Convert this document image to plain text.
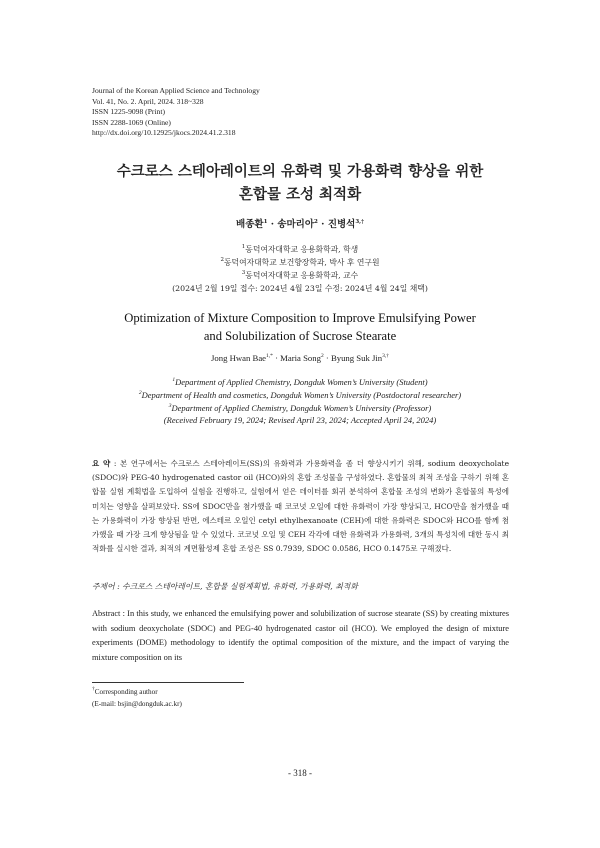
Journal of the Korean Applied Science and Technology
Vol. 41, No. 2. April, 2024. 318~328
ISSN 1225-9098 (Print)
ISSN 2288-1069 (Online)
http://dx.doi.org/10.12925/jkocs.2024.41.2.318
수크로스 스테아레이트의 유화력 및 가용화력 향상을 위한
혼합물 조성 최적화
배종환$^1$ · 송마리아$^2$ · 진병석$^{3,\dagger}$
$^1$동덕여자대학교 응용화학과, 학생
$^2$동덕여자대학교 보건향장학과, 박사 후 연구원
$^3$동덕여자대학교 응용화학과, 교수
(2024년 2월 19일 접수: 2024년 4월 23일 수정: 2024년 4월 24일 채택)
Optimization of Mixture Composition to Improve Emulsifying Power
and Solubilization of Sucrose Stearate
Jong Hwan Bae$^{1,*}$ · Maria Song$^2$ · Byung Suk Jin$^{3,\dagger}$
$^1$Department of Applied Chemistry, Dongduk Women’s University (Student)
$^2$Department of Health and cosmetics, Dongduk Women’s University (Postdoctoral researcher)
$^3$Department of Applied Chemistry, Dongduk Women’s University (Professor)
(Received February 19, 2024; Revised April 23, 2024; Accepted April 24, 2024)
요 약 : 본 연구에서는 수크로스 스테아레이트(SS)의 유화력과 가용화력을 좀 더 향상시키기 위해, sodium deoxycholate (SDOC)와 PEG-40 hydrogenated castor oil (HCO)와의 혼합 조성물을 구성하였다. 혼합물의 최적 조성을 구하기 위해 혼합물 실험 계획법을 도입하여 실험을 진행하고, 실험에서 얻은 데이터를 회귀 분석하여 혼합물 조성의 변화가 혼합물의 특성에 미치는 영향을 살펴보았다. SS에 SDOC만을 첨가했을 때 코코넛 오일에 대한 유화력이 가장 향상되고, HCO만을 첨가했을 때는 가용화력이 가장 향상된 반면, 에스테르 오일인 cetyl ethylhexanoate (CEH)에 대한 유화력은 SDOC와 HCO를 함께 첨가했을 때 가장 크게 향상됨을 알 수 있었다. 코코넛 오일 및 CEH 각각에 대한 유화력과 가용화력, 3개의 특성치에 대한 동시 최적화를 실시한 결과, 최적의 계면활성제 혼합 조성은 SS 0.7939, SDOC 0.0586, HCO 0.1475로 구해졌다.
주제어 : 수크로스 스테아레이트, 혼합물 실험계획법, 유화력, 가용화력, 최적화
Abstract : In this study, we enhanced the emulsifying power and solubilization of sucrose stearate (SS) by creating mixtures with sodium deoxycholate (SDOC) and PEG-40 hydrogenated castor oil (HCO). We employed the design of mixture experiments (DOME) methodology to identify the optimal composition of the mixture, and the impact of varying the mixture composition on its
†Corresponding author
(E-mail: bsjin@dongduk.ac.kr)
- 318 -
